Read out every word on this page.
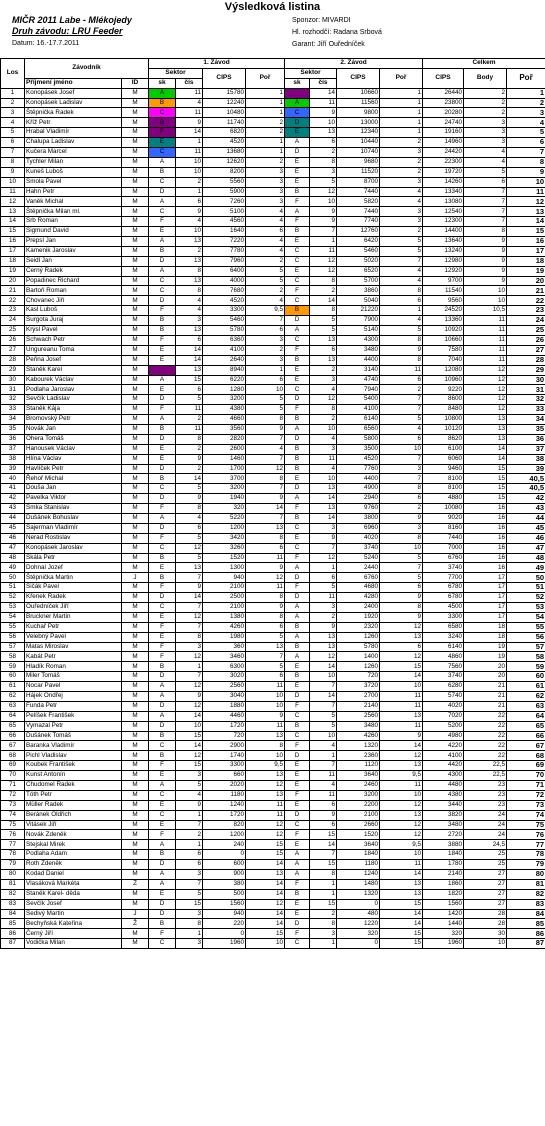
Výsledková listina
MIČR 2011 Labe - Mlékojedy
Druh závodu: LRU Feeder
Datum: 16.-17.7.2011
Sponzor: MIVARDI
Hl. rozhodčí: Radana Srbová
Garant: Jiří Ouředníček
Los	Závodník		1. Závod				2. Závod				Celkem		
			Sektor		CIPS	Poř	Sektor		CIPS	Poř	CIPS	Body	Poř
	Příjmení jméno	ID	sk	čís			sk	čís					
1	Konopásek Josef	M	A	11	15780	1		14	10660	1	26440	2	1
2	Konopásek Ladislav	M	B	4	12240	1	A	11	11560	1	23800	2	2
3	Štěpnička Radek	M	C	11	10480	1	C	9	9800	1	20280	2	3
4	Kříž Petr	M	B	9	11740	2	D	10	13000	1	24740	3	4
5	Hrabal Vladimír	M	F	14	6820	2	E	13	12340	1	19160	3	5
6	Chalupa Ladislav	M	E	1	4520	1	A	6	10440	2	14960	3	6
7	Kučera Marcel	M	C	11	13680	1	D	2	10740	3	24420	4	7
8	Tychler Milan	M	A	10	12620	2	E	8	9680	2	22300	4	8
9	Kuneš Luboš	M	B	10	8200	3	E	3	11520	2	19720	5	9
10	Smola Pavel	M	C	2	5560	3	E	5	8700	3	14260	6	10
11	Hahn Petr	M	D	1	5900	3	B	12	7440	4	13340	7	11
12	Vaněk Michal	M	A	6	7260	3	F	10	5820	4	13080	7	12
13	Štěpnička Milan ml.	M	C	9	5100	4	A	9	7440	3	12540	7	13
14	Srb Roman	M	F	4	4560	4	F	9	7740	3	12300	7	14
15	Sigmund David	M	E	10	1640	6	B	7	12760	2	14400	8	15
16	Prepsl Jan	M	A	13	7220	4	E	1	6420	5	13640	9	16
17	Kamenik Jaroslav	M	B	2	7780	4	C	11	5460	5	13240	9	17
18	Seidl Jan	M	D	13	7960	2	C	12	5020	7	12980	9	18
19	Černý Radek	M	A	8	6400	5	E	12	6520	4	12920	9	19
20	Popadinec Richard	M	C	13	4000	5	C	8	5700	4	9700	9	20
21	Bartoň Roman	M	C	8	7680	2	F	2	3860	8	11540	10	21
22	Chovanec Jiří	M	D	4	4520	4	C	14	5040	6	9560	10	22
23	Kasl Luboš	M	F	4	3300	9,5	B	8	21220	1	24520	10,5	23
24	Šurgota Juraj	M	B	3	5460	7	D	5	7900	4	13360	11	24
25	Krýsl Pavel	M	B	13	5780	6	A	5	5140	5	10920	11	25
26	Schwach Petr	M	F	6	6360	3	C	13	4300	8	10660	11	26
27	Ungureanu Toma	M	E	14	4100	2	F	6	3480	9	7580	11	27
28	Peňna Josef	M	E	14	2640	3	B	13	4400	8	7040	11	28
29	Staněk Karel	M		13	8940	1	E	2	3140	11	12080	12	29
30	Kabourek Václav	M	A	15	6220	6	E	3	4740	6	10960	12	30
31	Podlaha Jaroslav	M	E	6	1280	10	C	4	7940	2	9220	12	31
32	Ševčík Ladislav	M	D	5	3200	5	D	12	5400	7	8600	12	32
33	Staněk Kája	M	F	11	4380	5	F	8	4100	7	8480	12	33
34	Bromovský Petr	M	A	2	4660	8	B	2	6140	5	10800	13	34
35	Novák Jan	M	B	11	3560	9	A	10	6560	4	10120	13	35
36	Ohera Tomáš	M	D	8	2820	7	D	4	5800	6	8620	13	36
37	Hanousek Václav	M	E	2	2600	4	B	3	3500	10	6100	14	37
38	Hlína Václav	M	E	9	1460	7	B	11	4520	7	6060	14	38
39	Havlíček Petr	M	D	2	1700	12	B	4	7760	3	9460	15	39
40	Řehoř Michal	M	B	14	3700	8	E	10	4400	7	8100	15	40,5
41	Douša Jan	M	C	5	3200	7	D	13	4900	8	8100	15	40,5
42	Pavelka Viktor	M	D	9	1940	9	A	14	2940	6	4880	15	42
43	Smka Stanislav	M	F	8	320	14	F	13	9760	2	10080	16	43
44	Dušánek Bohuslav	M	A	4	5220	7	B	14	3800	9	9020	16	44
45	Šajerman Vladimír	M	D	6	1200	13	C	3	6960	3	8160	16	45
46	Nerad Rostislav	M	F	5	3420	8	E	9	4020	8	7440	16	46
47	Konopásek Jaroslav	M	C	12	3260	6	C	7	3740	10	7000	16	47
48	Skála Petr	M	B	5	1520	11	F	12	5240	5	6760	16	48
49	Dohnal Jozef	M	E	13	1300	9	A	1	2440	7	3740	16	49
50	Štěpnička Martin	J	B	7	940	12	D	6	6760	5	7700	17	50
51	Sičák Pavel	M	F	9	2100	11	F	5	4680	6	6780	17	51
52	Křenek Radek	M	D	14	2500	8	D	11	4280	9	6780	17	52
53	Ouředníček Jiří	M	C	7	2100	9	A	3	2400	8	4500	17	53
54	Bruckner Martin	M	E	12	1380	8	A	2	1920	9	3300	17	54
55	Kuchař Petr	M	F	7	4260	6	B	9	2320	12	6580	18	55
56	Velebný Pavel	M	E	8	1980	5	A	13	1260	13	3240	18	56
57	Matas Miroslav	M	F	3	360	13	B	13	5780	6	6140	19	57
58	Kabát Petr	M	F	12	3460	7	A	12	1400	12	4860	19	58
59	Hladík Roman	M	B	1	6300	5	E	14	1260	15	7560	20	59
60	Miler Tomáš	M	D	7	3020	6	B	10	720	14	3740	20	60
61	Nocar Pavel	M	A	12	2560	11	E	7	3720	10	6280	21	61
62	Hájek Ondřej	M	A	9	3040	10	D	14	2700	11	5740	21	62
63	Funda Petr	M	D	12	1880	10	F	7	2140	11	4020	21	63
64	Pelíšek František	M	A	14	4460	9	C	5	2560	13	7020	22	64
65	Vymazal Petr	M	D	10	1720	11	B	5	3480	11	5200	22	65
66	Dušánek Tomáš	M	B	15	720	13	C	10	4260	9	4980	22	66
67	Baranka Vladimír	M	C	14	2900	8	F	4	1320	14	4220	22	67
68	Pichl Vladislav	M	B	12	1740	10	D	1	2360	12	4100	22	68
69	Koubek František	M	F	15	3300	9,5	E	7	1120	13	4420	22,5	69
70	Kunst Antonín	M	E	3	660	13	E	11	3640	9,5	4300	22,5	70
71	Chudomel Radek	M	A	5	2020	12	E	4	2460	11	4480	23	71
72	Tóth Petr	M	C	4	1180	13	F	11	3200	10	4380	23	72
73	Müller Radek	M	E	9	1240	11	E	6	2200	12	3440	23	73
74	Beránek Oldřich	M	C	1	1720	11	D	9	2100	13	3820	24	74
75	Vitásek Jiří	M	E	7	820	12	C	6	2660	12	3480	24	75
76	Novák Zdeněk	M	F	2	1200	12	F	15	1520	12	2720	24	76
77	Stejskal Mirek	M	A	1	240	15	E	14	3640	9,5	3880	24,5	77
78	Podlaha Adam	M	B	6	0	15	A	7	1840	10	1840	25	78
79	Roth Zdeněk	M	D	6	600	14	A	15	1180	11	1780	25	79
80	Kodad Daniel	M	A	3	900	13	A	8	1240	14	2140	27	80
81	Vlasáková Markéta	Ž	A	7	380	14	F	1	1480	13	1860	27	81
82	Staněk Karel- děda	M	E	5	500	14	B	1	1320	13	1820	27	82
83	Ševčík Josef	M	D	15	1560	12	E	15	0	15	1560	27	83
84	Šedivý Martin	J	D	3	940	14	E	2	480	14	1420	28	84
85	Bechyňská Kateřina	Ž	B	8	220	14	D	8	1220	14	1440	28	85
86	Černý Jiří	M	F	1	0	15	F	3	320	15	320	30	86
87	Vodička Milan	M	C	3	1960	10	C	1	0	15	1960	10	87
